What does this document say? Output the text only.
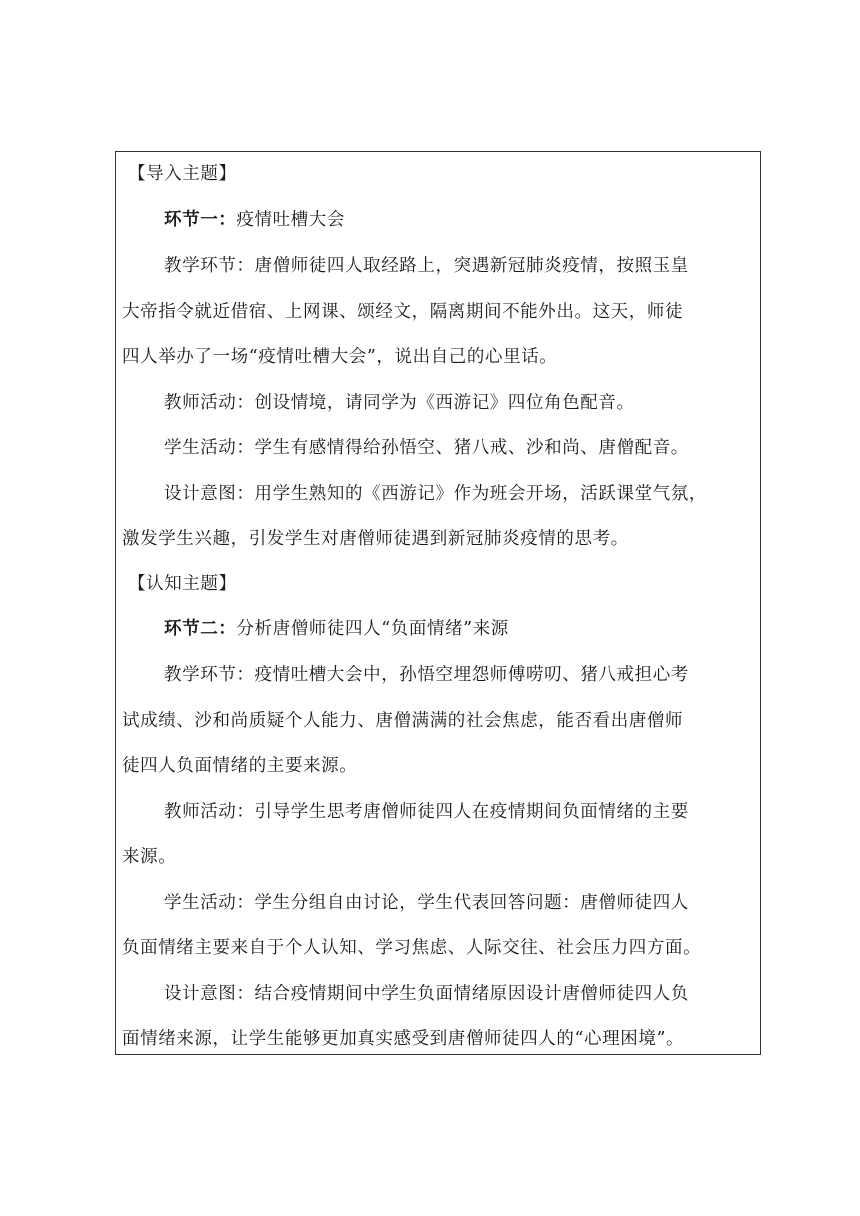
【导入主题】
环节一：疫情吐槽大会
教学环节：唐僧师徒四人取经路上，突遇新冠肺炎疫情，按照玉皇
大帝指令就近借宿、上网课、颂经文，隔离期间不能外出。这天，师徒
四人举办了一场“疫情吐槽大会”，说出自己的心里话。
教师活动：创设情境，请同学为《西游记》四位角色配音。
学生活动：学生有感情得给孙悟空、猪八戒、沙和尚、唐僧配音。
设计意图：用学生熟知的《西游记》作为班会开场，活跃课堂气氛，
激发学生兴趣，引发学生对唐僧师徒遇到新冠肺炎疫情的思考。
【认知主题】
环节二：分析唐僧师徒四人“负面情绪”来源
教学环节：疫情吐槽大会中，孙悟空埋怨师傅唠叨、猪八戒担心考
试成绩、沙和尚质疑个人能力、唐僧满满的社会焦虑，能否看出唐僧师
徒四人负面情绪的主要来源。
教师活动：引导学生思考唐僧师徒四人在疫情期间负面情绪的主要
来源。
学生活动：学生分组自由讨论，学生代表回答问题：唐僧师徒四人
负面情绪主要来自于个人认知、学习焦虑、人际交往、社会压力四方面。
设计意图：结合疫情期间中学生负面情绪原因设计唐僧师徒四人负
面情绪来源，让学生能够更加真实感受到唐僧师徒四人的“心理困境”。
